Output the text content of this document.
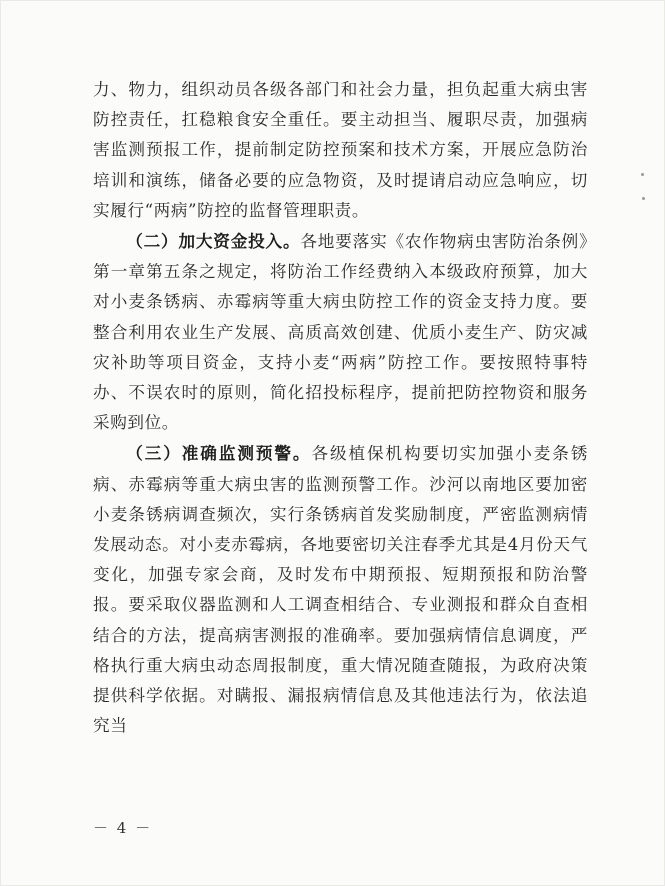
力、物力，组织动员各级各部门和社会力量，担负起重大病虫害防控责任，扛稳粮食安全重任。要主动担当、履职尽责，加强病害监测预报工作，提前制定防控预案和技术方案，开展应急防治培训和演练，储备必要的应急物资，及时提请启动应急响应，切实履行“两病”防控的监督管理职责。

（二）加大资金投入。各地要落实《农作物病虫害防治条例》第一章第五条之规定，将防治工作经费纳入本级政府预算，加大对小麦条锈病、赤霉病等重大病虫防控工作的资金支持力度。要整合利用农业生产发展、高质高效创建、优质小麦生产、防灾减灾补助等项目资金，支持小麦“两病”防控工作。要按照特事特办、不误农时的原则，简化招投标程序，提前把防控物资和服务采购到位。

（三）准确监测预警。各级植保机构要切实加强小麦条锈病、赤霉病等重大病虫害的监测预警工作。沙河以南地区要加密小麦条锈病调查频次，实行条锈病首发奖励制度，严密监测病情发展动态。对小麦赤霉病，各地要密切关注春季尤其是4月份天气变化，加强专家会商，及时发布中期预报、短期预报和防治警报。要采取仪器监测和人工调查相结合、专业测报和群众自查相结合的方法，提高病害测报的准确率。要加强病情信息调度，严格执行重大病虫动态周报制度，重大情况随查随报，为政府决策提供科学依据。对瞒报、漏报病情信息及其他违法行为，依法追究当

－ 4 －
